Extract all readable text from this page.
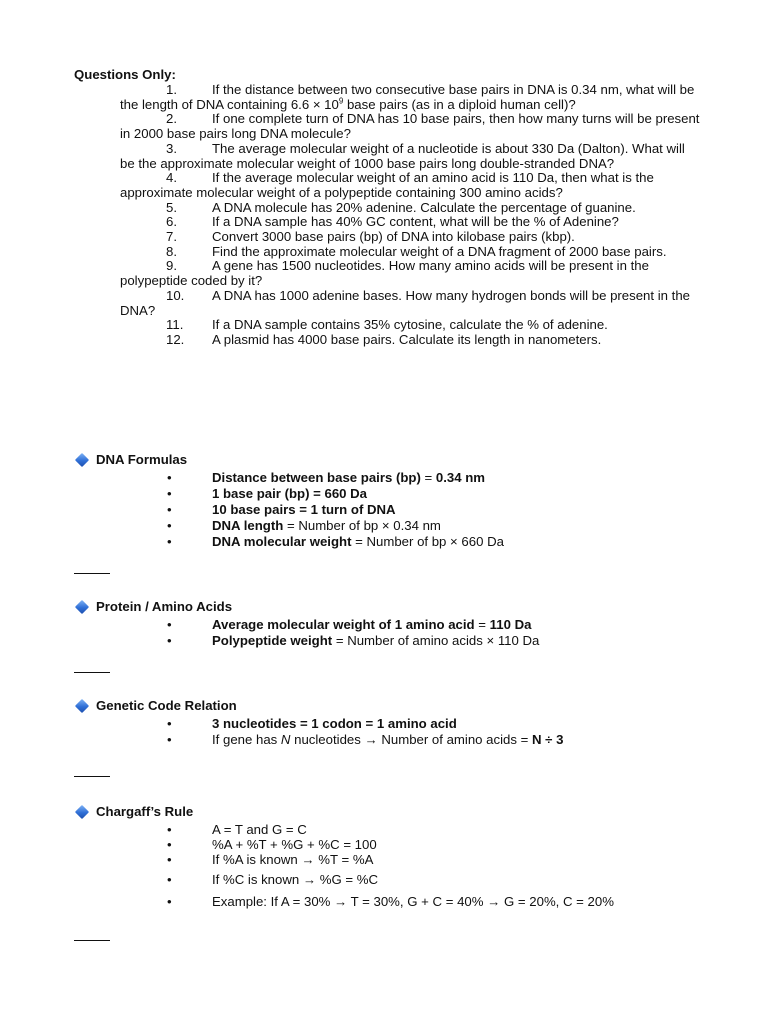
Questions Only:
1.	If the distance between two consecutive base pairs in DNA is 0.34 nm, what will be the length of DNA containing $6.6 \times 10^9$ base pairs (as in a diploid human cell)?
2.	If one complete turn of DNA has 10 base pairs, then how many turns will be present in 2000 base pairs long DNA molecule?
3.	The average molecular weight of a nucleotide is about 330 Da (Dalton). What will be the approximate molecular weight of 1000 base pairs long double-stranded DNA?
4.	If the average molecular weight of an amino acid is 110 Da, then what is the approximate molecular weight of a polypeptide containing 300 amino acids?
5.	A DNA molecule has 20% adenine. Calculate the percentage of guanine.
6.	If a DNA sample has 40% GC content, what will be the % of Adenine?
7.	Convert 3000 base pairs (bp) of DNA into kilobase pairs (kbp).
8.	Find the approximate molecular weight of a DNA fragment of 2000 base pairs.
9.	A gene has 1500 nucleotides. How many amino acids will be present in the polypeptide coded by it?
10. A DNA has 1000 adenine bases. How many hydrogen bonds will be present in the DNA?
11. If a DNA sample contains 35% cytosine, calculate the % of adenine.
12. A plasmid has 4000 base pairs. Calculate its length in nanometers.
DNA Formulas
•	Distance between base pairs (bp) = 0.34 nm
•	1 base pair (bp) = 660 Da
•	10 base pairs = 1 turn of DNA
•	DNA length = Number of bp × 0.34 nm
•	DNA molecular weight = Number of bp × 660 Da
Protein / Amino Acids
•	Average molecular weight of 1 amino acid = 110 Da
•	Polypeptide weight = Number of amino acids × 110 Da
Genetic Code Relation
•	3 nucleotides = 1 codon = 1 amino acid
•	If gene has N nucleotides → Number of amino acids = N ÷ 3
Chargaff’s Rule
•	A = T and G = C
•	%A + %T + %G + %C = 100
•	If %A is known → %T = %A
•	If %C is known → %G = %C
•	Example: If A = 30% → T = 30%, G + C = 40% → G = 20%, C = 20%
